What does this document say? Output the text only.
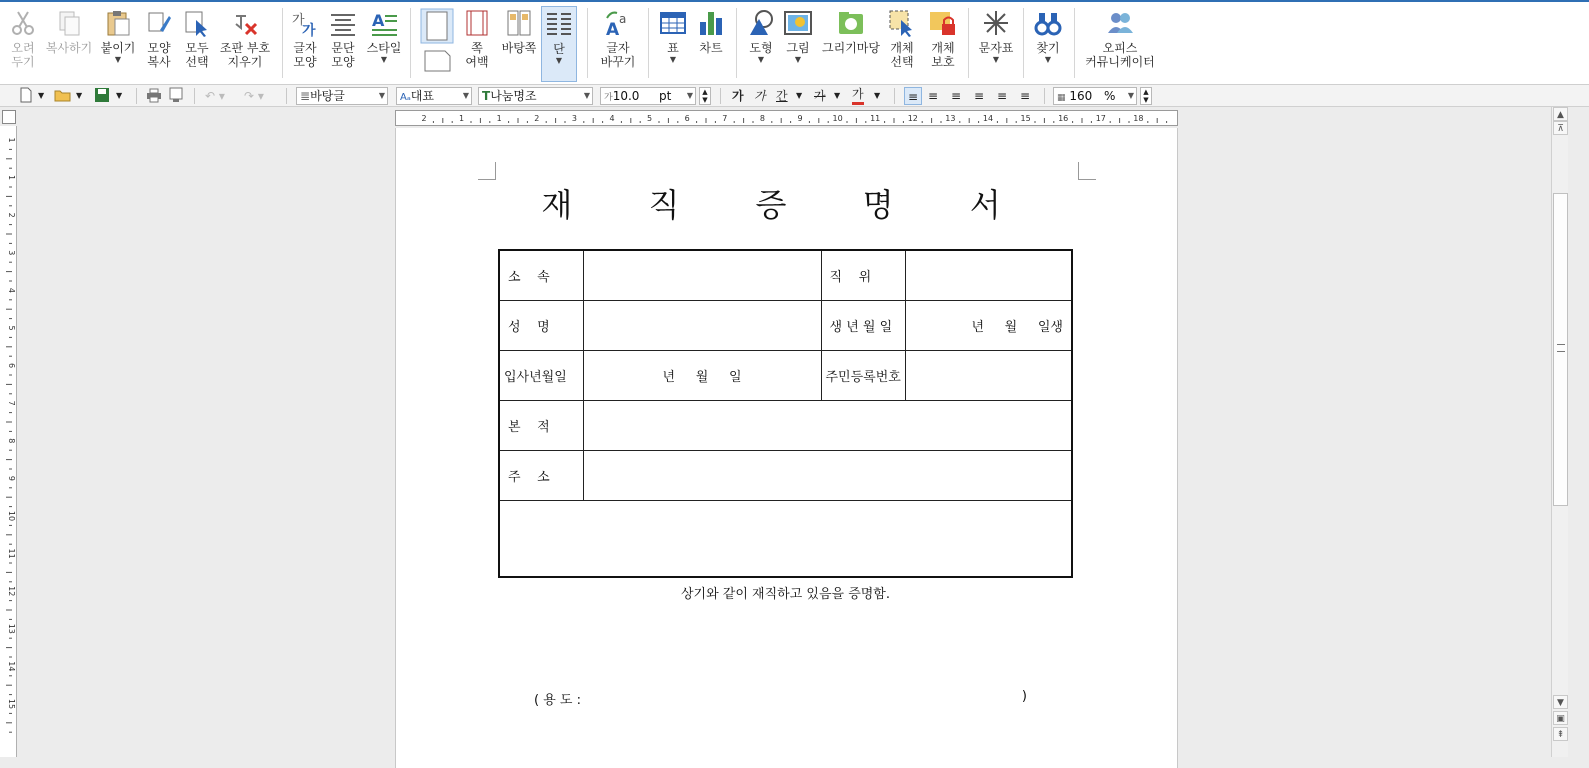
오려
두기
복사하기 붙이기
▼
모양
복사
모두
선택
조판 부호
지우기
가
가
글자
모양
문단
모양
A
스타일
▼
쪽
여백
바탕쪽	단
▼
A
a
글자
바꾸기
표
▼
차트	도형
▼
그림
▼
그리기마당 개체
선택
개체
보호
문자표
▼
찾기
▼
오피스
커뮤니케이터
▼	▼	▼	↶ ▾ ↷ ▾	≣바탕글	▼	Aₐ대표	▼	T나눔명조	▼	가10.0 pt ▼	▲
▼ 가 가 간 ▼ 가 ▼ 가 ▼	≡ ≡ ≡ ≡ ≡ ≡	▦ 160 % ▼	▲
▼
2	1	1	2	3	4	5	6	7	8	9	10	11	12	13	14	15	16	17	18
1
1
2
3
4
5
6
7
8
9
10
11
12
13
14
15
재 직 증 명 서
소    속		직    위	
성    명		생 년 월 일	년     월     일생
입사년월일	년     월     일	주민등록번호	
본    적			
주    소			

상기와 같이 재직하고 있음을 증명함.

( 용 도 :

)			

▲
⊼
▼
▣
⇞
